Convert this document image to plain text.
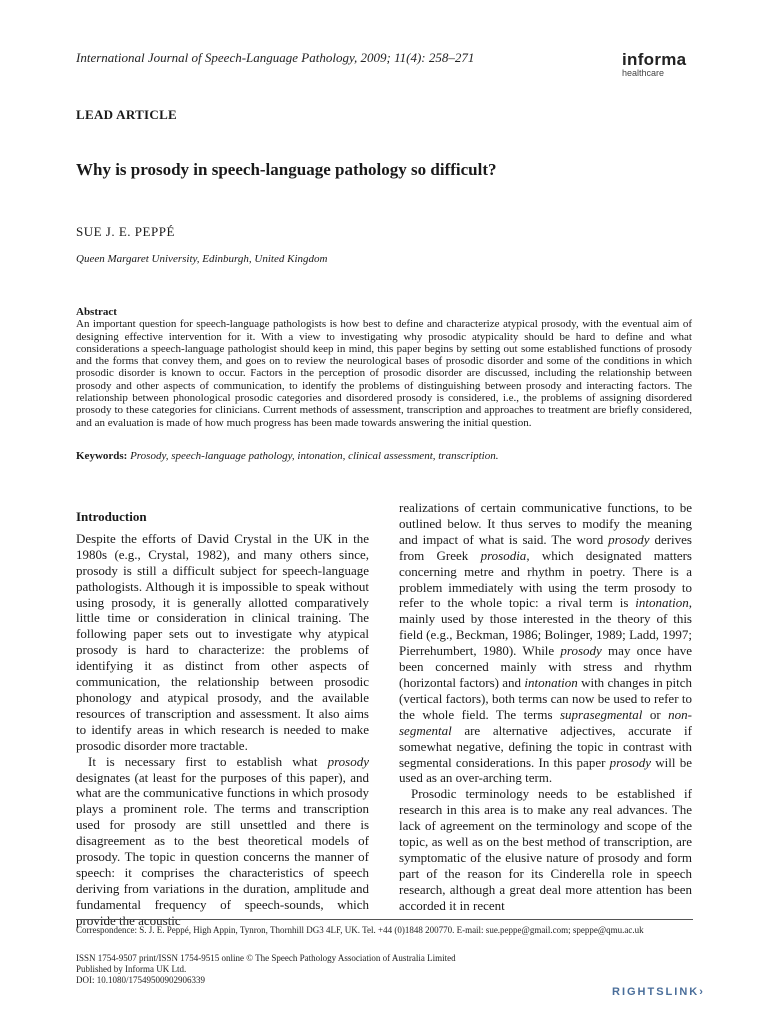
International Journal of Speech-Language Pathology, 2009; 11(4): 258–271	informa
healthcare
LEAD ARTICLE
Why is prosody in speech-language pathology so difficult?
SUE J. E. PEPPÉ
Queen Margaret University, Edinburgh, United Kingdom
Abstract
An important question for speech-language pathologists is how best to define and characterize atypical prosody, with the eventual aim of designing effective intervention for it. With a view to investigating why prosodic atypicality should be hard to define and what considerations a speech-language pathologist should keep in mind, this paper begins by setting out some established functions of prosody and the forms that convey them, and goes on to review the neurological bases of prosodic disorder and some of the conditions in which prosodic disorder is known to occur. Factors in the perception of prosodic disorder are discussed, including the relationship between prosody and other aspects of communication, to identify the problems of distinguishing between prosody and interacting factors. The relationship between phonological prosodic categories and disordered prosody is considered, i.e., the problems of assigning disordered prosody to these categories for clinicians. Current methods of assessment, transcription and approaches to treatment are briefly considered, and an evaluation is made of how much progress has been made towards answering the initial question.
Keywords: Prosody, speech-language pathology, intonation, clinical assessment, transcription.

Introduction

Despite the efforts of David Crystal in the UK in the 1980s (e.g., Crystal, 1982), and many others since, prosody is still a difficult subject for speech-language pathologists. Although it is impossible to speak without using prosody, it is generally allotted comparatively little time or consideration in clinical training. The following paper sets out to investigate why atypical prosody is hard to characterize: the problems of identifying it as distinct from other aspects of communication, the relationship between prosodic phonology and atypical prosody, and the available resources of transcription and assessment. It also aims to identify areas in which research is needed to make prosodic disorder more tractable.

It is necessary first to establish what prosody designates (at least for the purposes of this paper), and what are the communicative functions in which prosody plays a prominent role. The terms and transcription used for prosody are still unsettled and there is disagreement as to the best theoretical models of prosody. The topic in question concerns the manner of speech: it comprises the characteristics of speech deriving from variations in the duration, amplitude and fundamental frequency of speech-sounds, which provide the acoustic

realizations of certain communicative functions, to be outlined below. It thus serves to modify the meaning and impact of what is said. The word prosody derives from Greek prosodia, which designated matters concerning metre and rhythm in poetry. There is a problem immediately with using the term prosody to refer to the whole topic: a rival term is intonation, mainly used by those interested in the theory of this field (e.g., Beckman, 1986; Bolinger, 1989; Ladd, 1997; Pierrehumbert, 1980). While prosody may once have been concerned mainly with stress and rhythm (horizontal factors) and intonation with changes in pitch (vertical factors), both terms can now be used to refer to the whole field. The terms suprasegmental or non-segmental are alternative adjectives, accurate if somewhat negative, defining the topic in contrast with segmental considerations. In this paper prosody will be used as an over-arching term.

Prosodic terminology needs to be established if research in this area is to make any real advances. The lack of agreement on the terminology and scope of the topic, as well as on the best method of transcription, are symptomatic of the elusive nature of prosody and form part of the reason for its Cinderella role in speech research, although a great deal more attention has been accorded it in recent

Correspondence: S. J. E. Peppé, High Appin, Tynron, Thornhill DG3 4LF, UK. Tel. +44 (0)1848 200770. E-mail: sue.peppe@gmail.com; speppe@qmu.ac.uk
ISSN 1754-9507 print/ISSN 1754-9515 online © The Speech Pathology Association of Australia Limited
Published by Informa UK Ltd.
DOI: 10.1080/17549500902906339
RIGHTSLINK›
